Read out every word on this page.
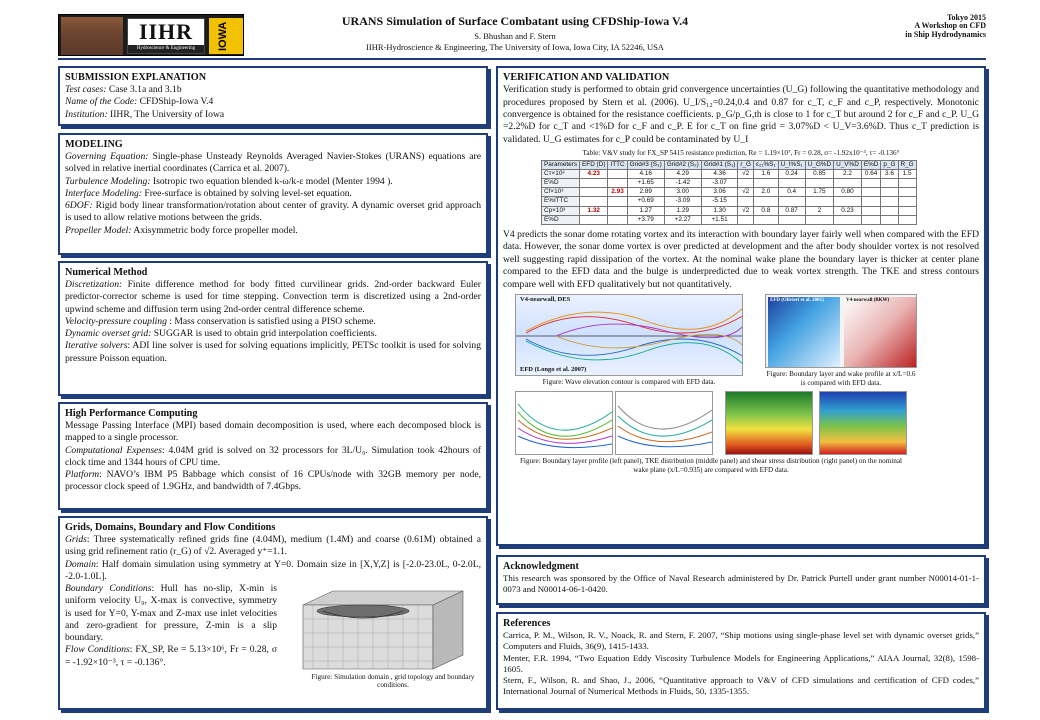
IIHR
Hydroscience & Engineering	IOWA
URANS Simulation of Surface Combatant using CFDShip-Iowa V.4
S. Bhushan and F. Stern
IIHR-Hydroscience & Engineering, The University of Iowa, Iowa City, IA 52246, USA
Tokyo 2015
A Workshop on CFD
in Ship Hydrodynamics
SUBMISSION EXPLANATION
Test cases: Case 3.1a and 3.1b
Name of the Code: CFDShip-Iowa V.4
Institution: IIHR, The University of Iowa
MODELING

Governing Equation: Single-phase Unsteady Reynolds Averaged Navier-Stokes (URANS) equations are solved in relative inertial coordinates (Carrica et al. 2007).

Turbulence Modeling: Isotropic two equation blended k-ω/k-ε model (Menter 1994 ).

Interface Modeling: Free-surface is obtained by solving level-set equation.

6DOF: Rigid body linear transformation/rotation about center of gravity. A dynamic overset grid approach is used to allow relative motions between the grids.

Propeller Model: Axisymmetric body force propeller model.

Numerical Method

Discretization: Finite difference method for body fitted curvilinear grids. 2nd-order backward Euler predictor-corrector scheme is used for time stepping. Convection term is discretized using a 2nd-order upwind scheme and diffusion term using 2nd-order central difference scheme.

Velocity-pressure coupling : Mass conservation is satisfied using a PISO scheme.

Dynamic overset grid: SUGGAR is used to obtain grid interpolation coefficients.

Iterative solvers: ADI line solver is used for solving equations implicitly, PETSc toolkit is used for solving pressure Poisson equation.

High Performance Computing

Message Passing Interface (MPI) based domain decomposition is used, where each decomposed block is mapped to a single processor.

Computational Expenses: 4.04M grid is solved on 32 processors for 3L/U₀. Simulation took 42hours of clock time and 1344 hours of CPU time.

Platform: NAVO’s IBM P5 Babbage which consist of 16 CPUs/node with 32GB memory per node, processor clock speed of 1.9GHz, and bandwidth of 7.4Gbps.

Grids, Domains, Boundary and Flow Conditions

Grids: Three systematically refined grids fine (4.04M), medium (1.4M) and coarse (0.61M) obtained a using grid refinement ratio (r_G) of √2. Averaged y⁺=1.1.

Domain: Half domain simulation using symmetry at Y=0. Domain size in [X,Y,Z] is [-2.0-23.0L, 0-2.0L, -2.0-1.0L].

Boundary Conditions: Hull has no-slip, X-min is uniform velocity U₀, X-max is convective, symmetry is used for Y=0, Y-max and Z-max use inlet velocities and zero-gradient for pressure, Z-min is a slip boundary.

Flow Conditions: FX_SP, Re = 5.13×10⁶, Fr = 0.28, σ = -1.92×10⁻³, τ = -0.136°.

Figure: Simulation domain , grid topology and boundary conditions.
VERIFICATION AND VALIDATION

Verification study is performed to obtain grid convergence uncertainties (U_G) following the quantitative methodology and procedures proposed by Stern et al. (2006). U_I/S₁₂=0.24,0.4 and 0.87 for c_T, c_F and c_P, respectively. Monotonic convergence is obtained for the resistance coefficients. p_G/p_G,th is close to 1 for c_T but around 2 for c_F and c_P. U_G =2.2%D for c_T and <1%D for c_F and c_P. E for c_T on fine grid = 3.07%D < U_V=3.6%D. Thus c_T prediction is validated. U_G estimates for c_P could be contaminated by U_I

Table: V&V study for FX_SP 5415 resistance prediction, Re = 1.19×10⁷, Fr = 0.28, σ= -1.92x10⁻³, τ= -0.136°
Parameters	EFD (D)	ITTC	Grid#3 (S₃)	Grid#2 (S₂)	Grid#1 (S₁)	r_G	ε₂₁%S₁	U_I%S₁	U_G%D	U_V%D	E%D	p_G	R_G
Cт×10³	4.23		4.16	4.29	4.36	√2	1.6	0.24	0.85	2.2	0.64	3.6	1.5
E%D			+1.65	-1.42	-3.07								
Cf×10³		2.93	2.89	3.00	3.06	√2	2.0	0.4	1.75	0.80			
E%ITTC			+0.69	-3.09	-5.15								
Cp×10³	1.32		1.27	1.29	1.30	√2	0.8	0.87	2	0.23			
E%D			+3.79	+2.27	+1.51								

V4 predicts the sonar dome rotating vortex and its interaction with boundary layer fairly well when compared with the EFD data. However, the sonar dome vortex is over predicted at development and the after body shoulder vortex is not resolved well suggesting rapid dissipation of the vortex. At the nominal wake plane the boundary layer is thicker at center plane compared to the EFD data and the bulge is underpredicted due to weak vortex strength. The TKE and stress contours compare well with EFD qualitatively but not quantitatively.

V4-nearwall, DES
EFD (Longo et al. 2007)
Figure: Wave elevation contour is compared with EFD data.
EFD (Olivieri et al. 2001)	V4-nearwall (BKW)
Figure: Boundary layer and wake profile at x/L=0.6 is compared with EFD data.
Figure: Boundary layer profile (left panel), TKE distribution (middle panel) and shear stress distribution (right panel) on the nominal wake plane (x/L=0.935) are compared with EFD data.
Acknowledgment

This research was sponsored by the Office of Naval Research administered by Dr. Patrick Purtell under grant number N00014-01-1-0073 and N00014-06-1-0420.

References

Carrica, P. M., Wilson, R. V., Noack, R. and Stern, F. 2007, “Ship motions using single-phase level set with dynamic overset grids,” Computers and Fluids, 36(9), 1415-1433.

Menter, F.R. 1994, “Two Equation Eddy Viscosity Turbulence Models for Engineering Applications,” AIAA Journal, 32(8), 1598-1605.

Stern, F., Wilson, R. and Shao, J., 2006, “Quantitative approach to V&V of CFD simulations and certification of CFD codes,” International Journal of Numerical Methods in Fluids, 50, 1335-1355.
